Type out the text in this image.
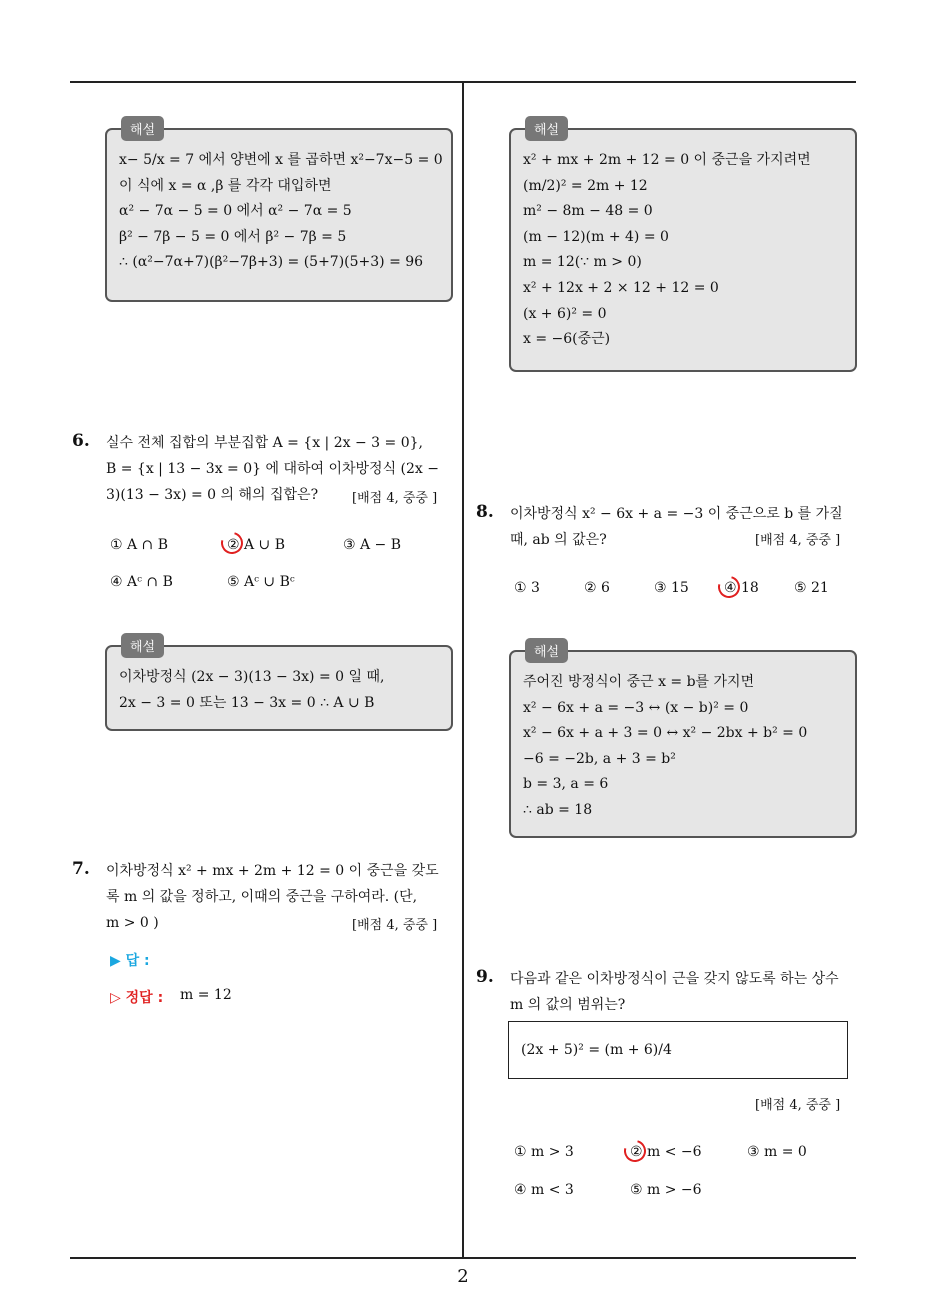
해설

x− 5/x = 7 에서 양변에 x 를 곱하면 x²−7x−5 = 0

이 식에 x = α ,β 를 각각 대입하면

α² − 7α − 5 = 0 에서 α² − 7α = 5

β² − 7β − 5 = 0 에서 β² − 7β = 5

∴ (α²−7α+7)(β²−7β+3) = (5+7)(5+3) = 96

6. 실수 전체 집합의 부분집합 A = {x | 2x − 3 = 0},

B = {x | 13 − 3x = 0} 에 대하여 이차방정식 (2x −

3)(13 − 3x) = 0 의 해의 집합은?	[배점 4, 중중 ]
① A ∩ B	② A ∪ B	③ A − B
④ Aᶜ ∩ B	⑤ Aᶜ ∪ Bᶜ
해설

이차방정식 (2x − 3)(13 − 3x) = 0 일 때,

2x − 3 = 0 또는 13 − 3x = 0 ∴ A ∪ B

7. 이차방정식 x² + mx + 2m + 12 = 0 이 중근을 갖도

록 m 의 값을 정하고, 이때의 중근을 구하여라. (단,

m > 0 )	[배점 4, 중중 ]
▶ 답 :
▷ 정답 : m = 12
해설

x² + mx + 2m + 12 = 0 이 중근을 가지려면

(m/2)² = 2m + 12

m² − 8m − 48 = 0

(m − 12)(m + 4) = 0

m = 12(∵ m > 0)

x² + 12x + 2 × 12 + 12 = 0

(x + 6)² = 0

x = −6(중근)

8. 이차방정식 x² − 6x + a = −3 이 중근으로 b 를 가질

때, ab 의 값은?	[배점 4, 중중 ]
① 3	② 6	③ 15	④ 18	⑤ 21
해설

주어진 방정식이 중근 x = b를 가지면

x² − 6x + a = −3 ↔ (x − b)² = 0

x² − 6x + a + 3 = 0 ↔ x² − 2bx + b² = 0

−6 = −2b, a + 3 = b²

b = 3, a = 6

∴ ab = 18

9. 다음과 같은 이차방정식이 근을 갖지 않도록 하는 상수

m 의 값의 범위는?

(2x + 5)² = (m + 6)/4
[배점 4, 중중 ]
① m > 3	② m < −6	③ m = 0
④ m < 3	⑤ m > −6
2
